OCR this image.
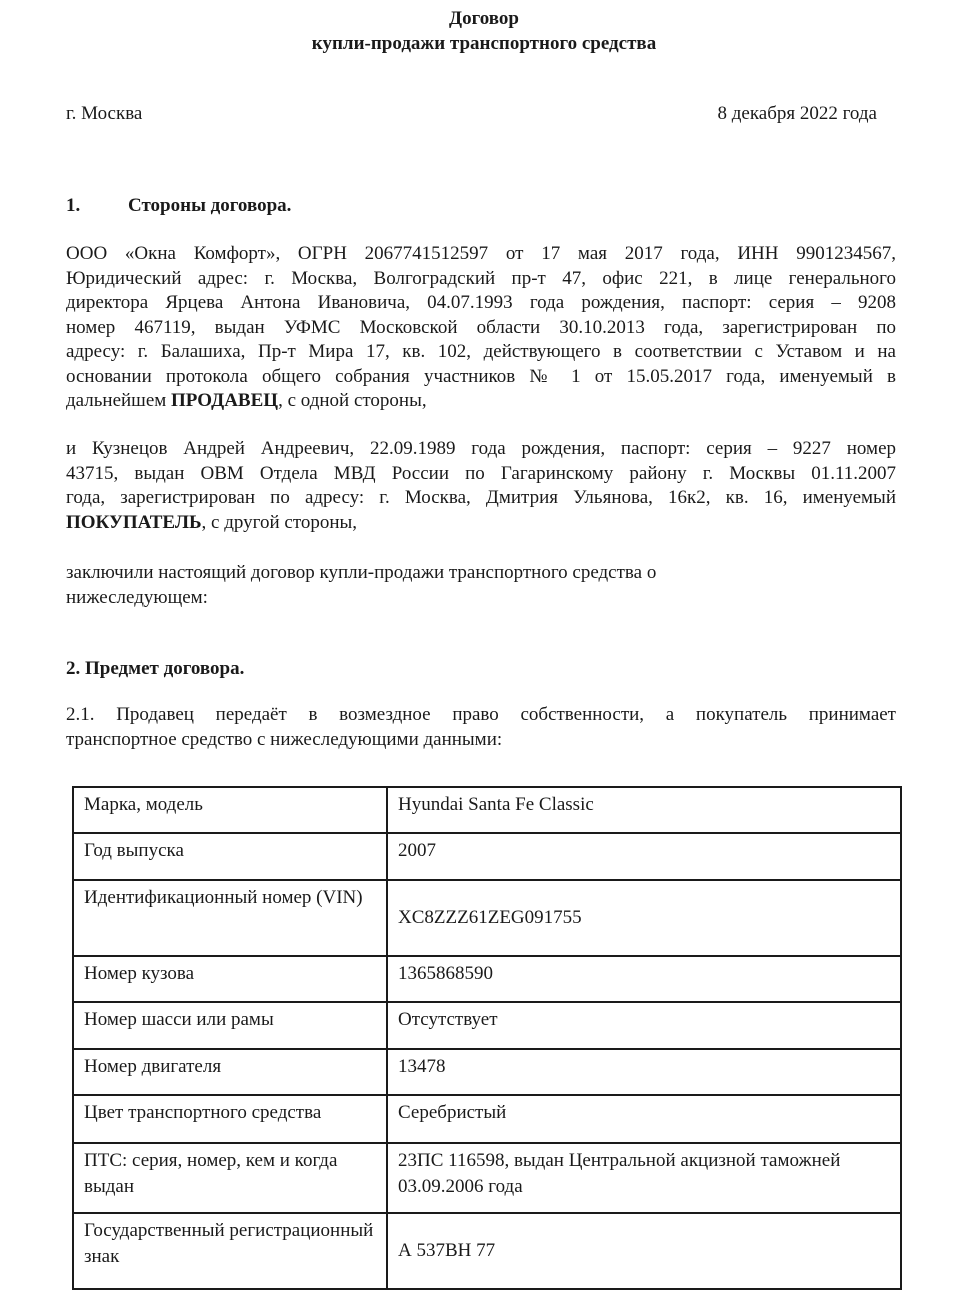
Договор
купли-продажи транспортного средства
г. Москва	8 декабря 2022 года
1.	Стороны договора.
ООО «Окна Комфорт», ОГРН 2067741512597 от 17 мая 2017 года, ИНН 9901234567,
Юридический адрес: г. Москва, Волгоградский пр-т 47, офис 221, в лице генерального
директора Ярцева Антона Ивановича, 04.07.1993 года рождения, паспорт: серия – 9208
номер 467119, выдан УФМС Московской области 30.10.2013 года, зарегистрирован по
адресу: г. Балашиха, Пр-т Мира 17, кв. 102, действующего в соответствии с Уставом и на
основании протокола общего собрания участников № 1 от 15.05.2017 года, именуемый в
дальнейшем ПРОДАВЕЦ, с одной стороны,
и Кузнецов Андрей Андреевич, 22.09.1989 года рождения, паспорт: серия – 9227 номер
43715, выдан ОВМ Отдела МВД России по Гагаринскому району г. Москвы 01.11.2007
года, зарегистрирован по адресу: г. Москва, Дмитрия Ульянова, 16к2, кв. 16, именуемый
ПОКУПАТЕЛЬ, с другой стороны,
заключили настоящий договор купли-продажи транспортного средства о
нижеследующем:
2. Предмет договора.
2.1. Продавец передаёт в возмездное право собственности, а покупатель принимает
транспортное средство с нижеследующими данными:
Марка, модель	Hyundai Santa Fe Classic
Год выпуска	2007
Идентификационный номер (VIN)	XC8ZZZ61ZEG091755
Номер кузова	1365868590
Номер шасси или рамы	Отсутствует
Номер двигателя	13478
Цвет транспортного средства	Серебристый
ПТС: серия, номер, кем и когда выдан	23ПС 116598, выдан Центральной акцизной таможней 03.09.2006 года
Государственный регистрационный знак	А 537ВН 77
